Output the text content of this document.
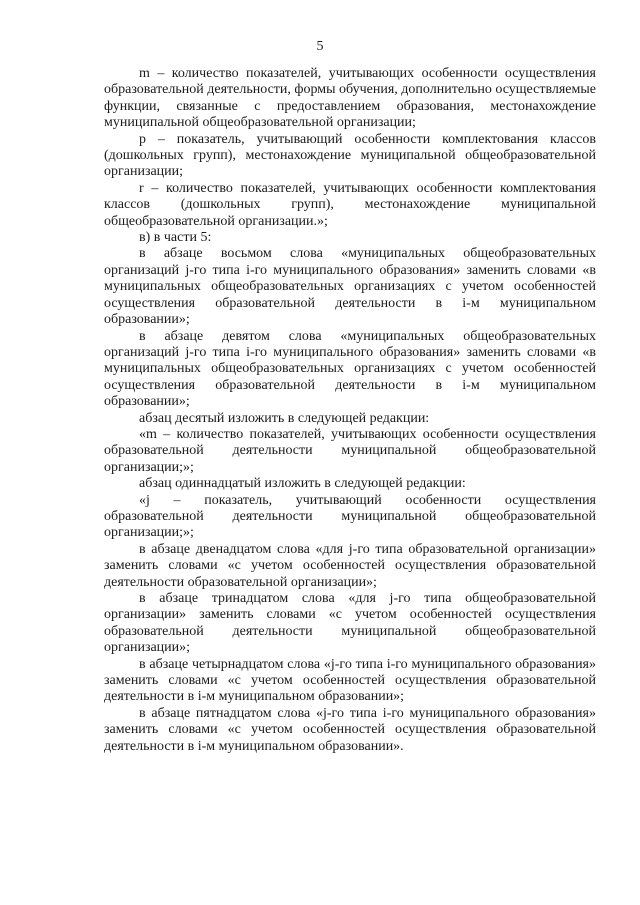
5

m – количество показателей, учитывающих особенности осуществления образовательной деятельности, формы обучения, дополнительно осуществляемые функции, связанные с предоставлением образования, местонахождение муниципальной общеобразовательной организации;

p – показатель, учитывающий особенности комплектования классов (дошкольных групп), местонахождение муниципальной общеобразовательной организации;

r – количество показателей, учитывающих особенности комплектования классов (дошкольных групп), местонахождение муниципальной общеобразовательной организации.»;

в) в части 5:

в абзаце восьмом слова «муниципальных общеобразовательных организаций j-го типа i-го муниципального образования» заменить словами «в муниципальных общеобразовательных организациях с учетом особенностей осуществления образовательной деятельности в i-м муниципальном образовании»;

в абзаце девятом слова «муниципальных общеобразовательных организаций j-го типа i-го муниципального образования» заменить словами «в муниципальных общеобразовательных организациях с учетом особенностей осуществления образовательной деятельности в i-м муниципальном образовании»;

абзац десятый изложить в следующей редакции:

«m – количество показателей, учитывающих особенности осуществления образовательной деятельности муниципальной общеобразовательной организации;»;

абзац одиннадцатый изложить в следующей редакции:

«j – показатель, учитывающий особенности осуществления образовательной деятельности муниципальной общеобразовательной организации;»;

в абзаце двенадцатом слова «для j-го типа образовательной организации» заменить словами «с учетом особенностей осуществления образовательной деятельности образовательной организации»;

в абзаце тринадцатом слова «для j-го типа общеобразовательной организации» заменить словами «с учетом особенностей осуществления образовательной деятельности муниципальной общеобразовательной организации»;

в абзаце четырнадцатом слова «j-го типа i-го муниципального образования» заменить словами «с учетом особенностей осуществления образовательной деятельности в i-м муниципальном образовании»;

в абзаце пятнадцатом слова «j-го типа i-го муниципального образования» заменить словами «с учетом особенностей осуществления образовательной деятельности в i-м муниципальном образовании».
